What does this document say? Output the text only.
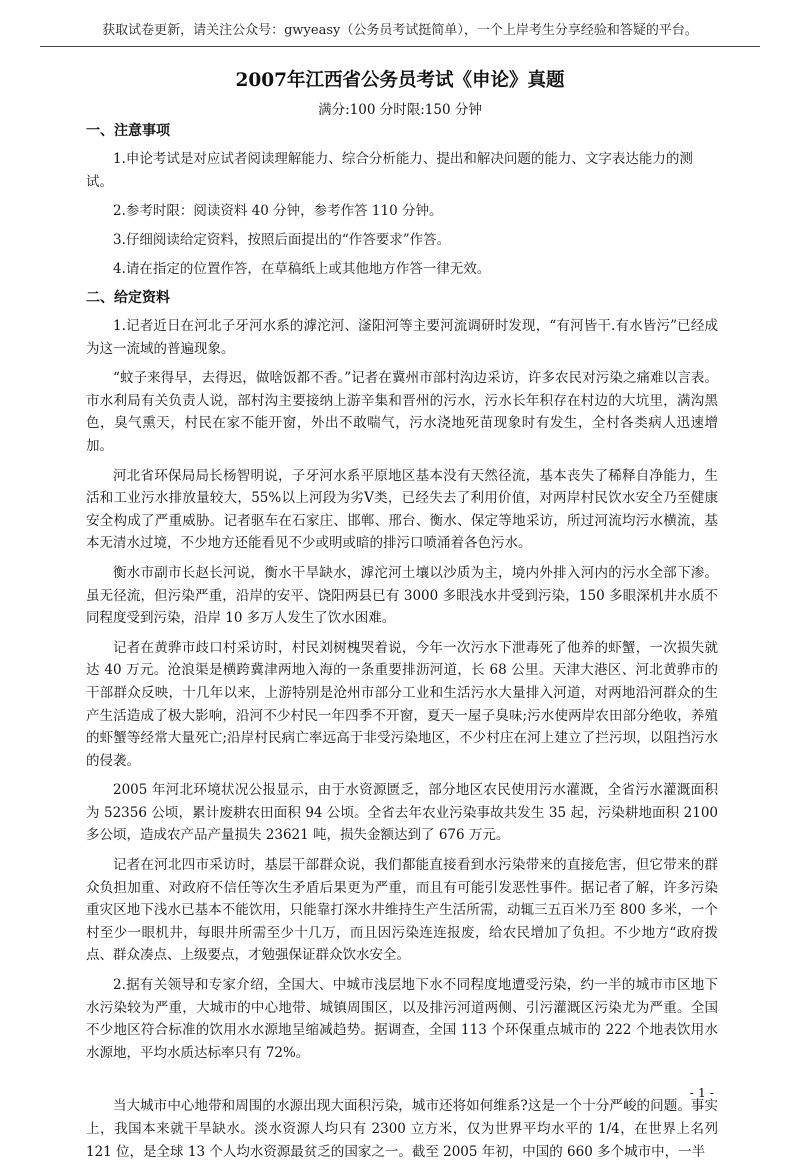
获取试卷更新，请关注公众号：gwyeasy（公务员考试挺简单），一个上岸考生分享经验和答疑的平台。
2007年江西省公务员考试《申论》真题
满分:100 分时限:150 分钟
一、注意事项
1.申论考试是对应试者阅读理解能力、综合分析能力、提出和解决问题的能力、文字表达能力的测试。
2.参考时限：阅读资料 40 分钟，参考作答 110 分钟。
3.仔细阅读给定资料，按照后面提出的“作答要求”作答。
4.请在指定的位置作答，在草稿纸上或其他地方作答一律无效。
二、给定资料

1.记者近日在河北子牙河水系的滹沱河、滏阳河等主要河流调研时发现，“有河皆干.有水皆污”已经成为这一流域的普遍现象。

“蚊子来得早，去得迟，做啥饭都不香。”记者在冀州市部村沟边采访，许多农民对污染之痛难以言表。市水利局有关负责人说，部村沟主要接纳上游辛集和晋州的污水，污水长年积存在村边的大坑里，满沟黑色，臭气熏天，村民在家不能开窗，外出不敢喘气，污水浇地死苗现象时有发生，全村各类病人迅速增加。

河北省环保局局长杨智明说，子牙河水系平原地区基本没有天然径流，基本丧失了稀释自净能力，生活和工业污水排放量较大，55%以上河段为劣Ⅴ类，已经失去了利用价值，对两岸村民饮水安全乃至健康安全构成了严重威胁。记者驱车在石家庄、邯郸、邢台、衡水、保定等地采访，所过河流均污水横流，基本无清水过境，不少地方还能看见不少或明或暗的排污口喷涌着各色污水。

衡水市副市长赵长河说，衡水干旱缺水，滹沱河土壤以沙质为主，境内外排入河内的污水全部下渗。虽无径流，但污染严重，沿岸的安平、饶阳两县已有 3000 多眼浅水井受到污染，150 多眼深机井水质不同程度受到污染，沿岸 10 多万人发生了饮水困难。

记者在黄骅市歧口村采访时，村民刘树槐哭着说，今年一次污水下泄毒死了他养的虾蟹，一次损失就达 40 万元。沧浪渠是横跨冀津两地入海的一条重要排沥河道，长 68 公里。天津大港区、河北黄骅市的干部群众反映，十几年以来，上游特别是沧州市部分工业和生活污水大量排入河道，对两地沿河群众的生产生活造成了极大影响，沿河不少村民一年四季不开窗，夏天一屋子臭味;污水使两岸农田部分绝收，养殖的虾蟹等经常大量死亡;沿岸村民病亡率远高于非受污染地区，不少村庄在河上建立了拦污坝，以阻挡污水的侵袭。

2005 年河北环境状况公报显示，由于水资源匮乏，部分地区农民使用污水灌溉，全省污水灌溉面积为 52356 公顷，累计废耕农田面积 94 公顷。全省去年农业污染事故共发生 35 起，污染耕地面积 2100 多公顷，造成农产品产量损失 23621 吨，损失金额达到了 676 万元。

记者在河北四市采访时，基层干部群众说，我们都能直接看到水污染带来的直接危害，但它带来的群众负担加重、对政府不信任等次生矛盾后果更为严重，而且有可能引发恶性事件。据记者了解，许多污染重灾区地下浅水已基本不能饮用，只能靠打深水井维持生产生活所需，动辄三五百米乃至 800 多米，一个村至少一眼机井，每眼井所需至少十几万，而且因污染连连报废，给农民增加了负担。不少地方“政府拨点、群众凑点、上级要点，才勉强保证群众饮水安全。

2.据有关领导和专家介绍，全国大、中城市浅层地下水不同程度地遭受污染，约一半的城市市区地下水污染较为严重，大城市的中心地带、城镇周围区，以及排污河道两侧、引污灌溉区污染尤为严重。全国不少地区符合标准的饮用水水源地呈缩减趋势。据调查，全国 113 个环保重点城市的 222 个地表饮用水水源地，平均水质达标率只有 72%。

当大城市中心地带和周围的水源出现大面积污染，城市还将如何维系?这是一个十分严峻的问题。事实上，我国本来就干旱缺水。淡水资源人均只有 2300 立方米，仅为世界平均水平的 1/4，在世界上名列 121 位，是全球 13 个人均水资源最贫乏的国家之一。截至 2005 年初，中国的 660 多个城市中，一半

- 1 -
